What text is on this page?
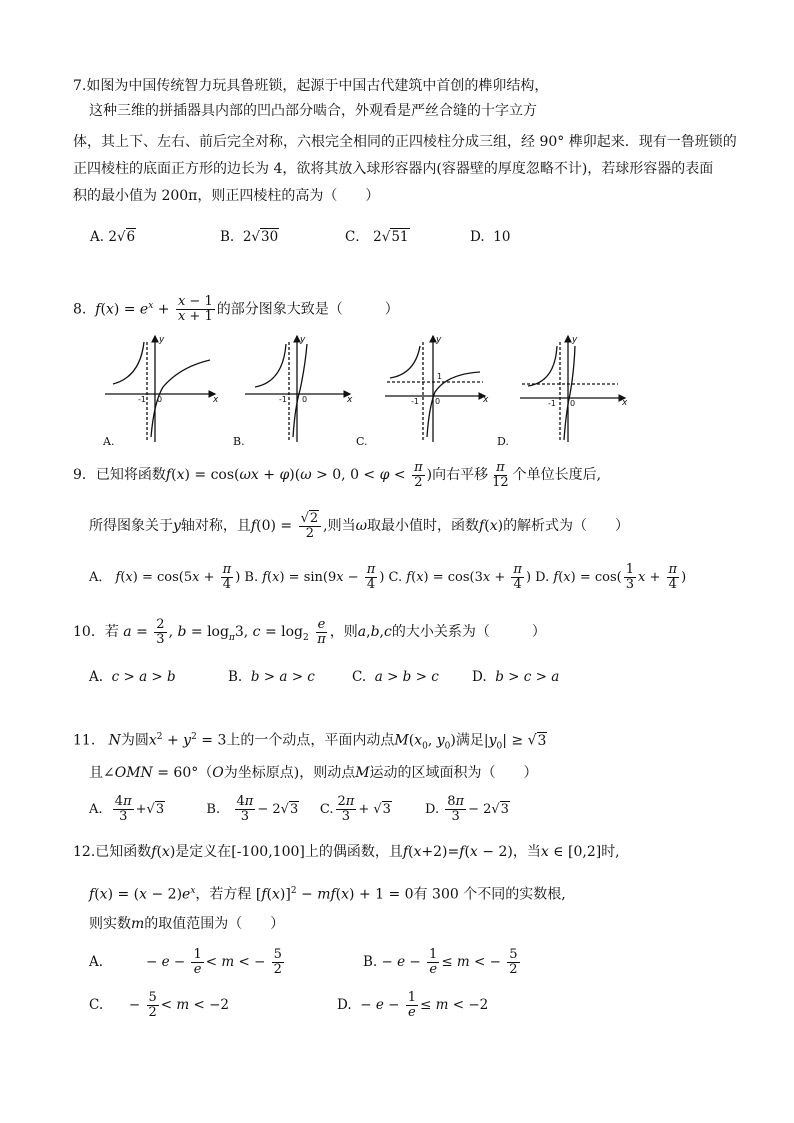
7.如图为中国传统智力玩具鲁班锁，起源于中国古代建筑中首创的榫卯结构，
这种三维的拼插器具内部的凹凸部分啮合，外观看是严丝合缝的十字立方
体，其上下、左右、前后完全对称，六根完全相同的正四棱柱分成三组，经 90° 榫卯起来．现有一鲁班锁的
正四棱柱的底面正方形的边长为 4，欲将其放入球形容器内(容器壁的厚度忽略不计)，若球形容器的表面
积的最小值为 200π，则正四棱柱的高为（　　）
A. 2√6	B. 2√30	C． 2√51	D. 10
8. $f(x) = e^x + \frac{x - 1}{x + 1}$ 的部分图象大致是（　　　）
y
x
-1 0
y
x
-1 0
y
x
1
-1 0
y
x
-1 0
A.	B.	C.	D.
9．已知将函数f(x) = cos(ωx + φ)(ω > 0, $0 < \varphi < \frac{\pi}{2}$ )向右平移 $\frac{\pi}{12}$ 个单位长度后,
所得图象关于y轴对称，且$f(0) = \frac{√2}{2}$ ,则当ω取最小值时，函数f(x)的解析式为（　　）
A． $f(x) = \cos(5x + \frac{\pi}{4}$ ) B. $f(x) = \sin(9x - \frac{\pi}{4}$ ) C. $f(x) = \cos(3x + \frac{\pi}{4}$ ) D. $f(x) = \cos( \frac{1}{3}$ $x + \frac{\pi}{4}$ )
10．若 $a = \frac{2}{3}$ , $b = \log_\pi 3$, $c = \log_2 \frac{e}{\pi}$ ，则a,b,c的大小关系为（　　　）
A. c > a > b	B. b > a > c	C. a > b > c D. b > c > a
11. N为圆$x^2 + y^2 = 3$上的一个动点，平面内动点$M(x_0$, $y_0$)满足$|y_0| \ge √3$
且∠OMN = 60°（O为坐标原点)，则动点M运动的区域面积为（　　）
A. $\frac{4\pi}{3} +√3$	B. $\frac{4\pi}{3} - 2√3$ C. $\frac{2\pi}{3} + √3$	D. $\frac{8\pi}{3} - 2√3$
12.已知函数f(x)是定义在[-100,100]上的偶函数，且f(x+2)=f(x − 2)，当x ∈ [0,2]时,
$f(x) = (x - 2)e^x$，若方程 $[f(x)]^2 - mf(x) + 1 = 0$有 300 个不同的实数根,
则实数m的取值范围为（　　）
A.          − $e - \frac{1}{e} < m$ < − $\frac{5}{2}$	B. − $e - \frac{1}{e} \le m$ < − $\frac{5}{2}$
C.      − $\frac{5}{2} < m < -2$	D.  − $e - \frac{1}{e} \le m < -2$
